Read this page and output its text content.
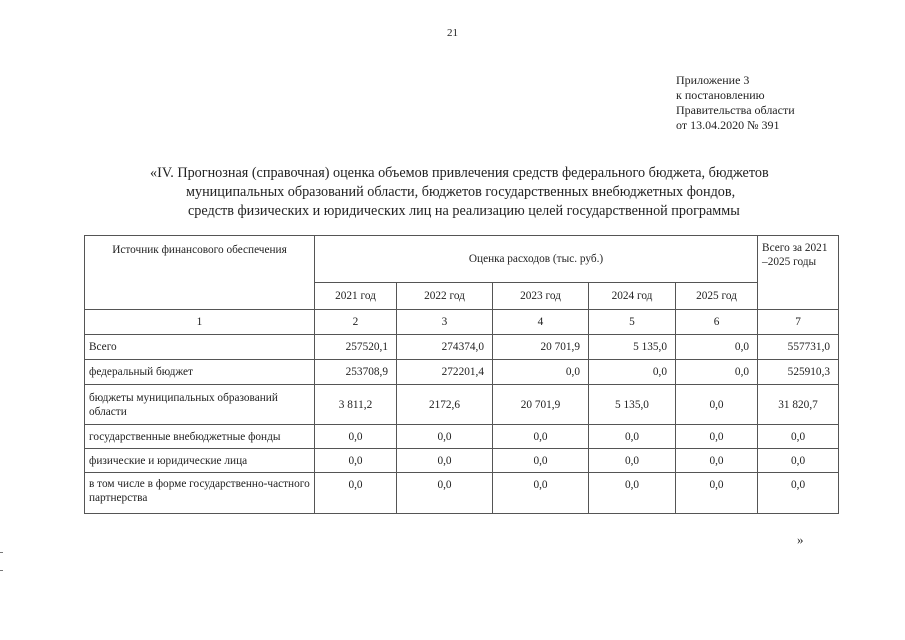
21
Приложение 3
к постановлению
Правительства области
от 13.04.2020 № 391
«IV. Прогнозная (справочная) оценка объемов привлечения средств федерального бюджета, бюджетов
муниципальных образований области, бюджетов государственных внебюджетных фондов,
средств физических и юридических лиц на реализацию целей государственной программы
Источник финансового обеспечения	Оценка расходов (тыс. руб.)					Всего за 2021 –2025 годы
	2021 год	2022 год	2023 год	2024 год	2025 год	
1	2	3	4	5	6	7
Всего	257520,1	274374,0	20 701,9	5 135,0	0,0	557731,0
федеральный бюджет	253708,9	272201,4	0,0	0,0	0,0	525910,3
бюджеты муниципальных образований области	3 811,2	2172,6	20 701,9	5 135,0	0,0	31 820,7
государственные внебюджетные фонды	0,0	0,0	0,0	0,0	0,0	0,0
физические и юридические лица	0,0	0,0	0,0	0,0	0,0	0,0
в том числе в форме государственно-частного партнерства	0,0	0,0	0,0	0,0	0,0	0,0
»
